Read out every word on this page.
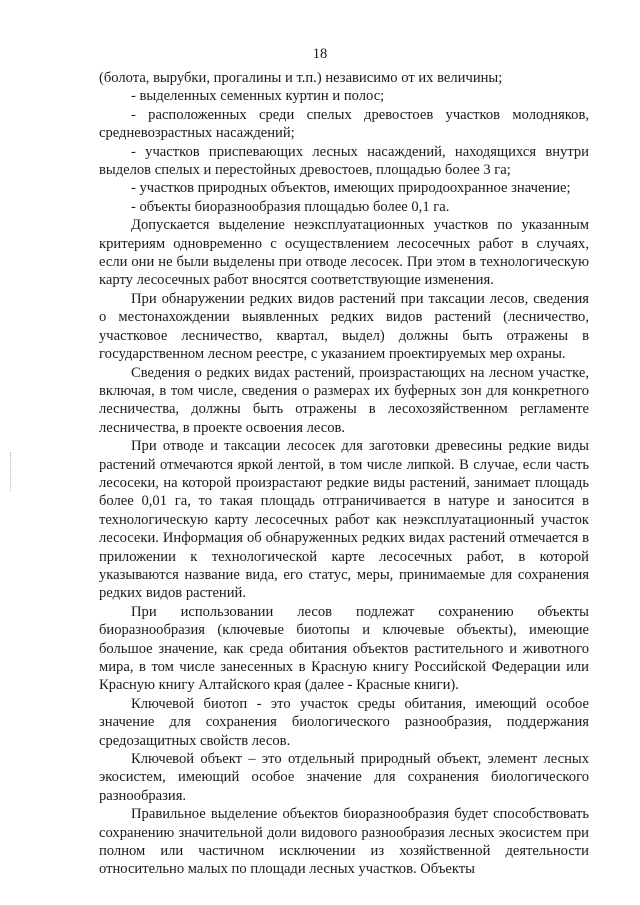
18

(болота, вырубки, прогалины и т.п.) независимо от их величины;

- выделенных семенных куртин и полос;

- расположенных среди спелых древостоев участков молодняков, средневозрастных насаждений;

- участков приспевающих лесных насаждений, находящихся внутри выделов спелых и перестойных древостоев, площадью более 3 га;

- участков природных объектов, имеющих природоохранное значение;

- объекты биоразнообразия площадью более 0,1 га.

Допускается выделение неэксплуатационных участков по указанным критериям одновременно с осуществлением лесосечных работ в случаях, если они не были выделены при отводе лесосек. При этом в технологическую карту лесосечных работ вносятся соответствующие изменения.

При обнаружении редких видов растений при таксации лесов, сведения о местонахождении выявленных редких видов растений (лесничество, участковое лесничество, квартал, выдел) должны быть отражены в государственном лесном реестре, с указанием проектируемых мер охраны.

Сведения о редких видах растений, произрастающих на лесном участке, включая, в том числе, сведения о размерах их буферных зон для конкретного лесничества, должны быть отражены в лесохозяйственном регламенте лесничества, в проекте освоения лесов.

При отводе и таксации лесосек для заготовки древесины редкие виды растений отмечаются яркой лентой, в том числе липкой. В случае, если часть лесосеки, на которой произрастают редкие виды растений, занимает площадь более 0,01 га, то такая площадь отграничивается в натуре и заносится в технологическую карту лесосечных работ как неэксплуатационный участок лесосеки. Информация об обнаруженных редких видах растений отмечается в приложении к технологической карте лесосечных работ, в которой указываются название вида, его статус, меры, принимаемые для сохранения редких видов растений.

При использовании лесов подлежат сохранению объекты биоразнообразия (ключевые биотопы и ключевые объекты), имеющие большое значение, как среда обитания объектов растительного и животного мира, в том числе занесенных в Красную книгу Российской Федерации или Красную книгу Алтайского края (далее - Красные книги).

Ключевой биотоп - это участок среды обитания, имеющий особое значение для сохранения биологического разнообразия, поддержания средозащитных свойств лесов.

Ключевой объект – это отдельный природный объект, элемент лесных экосистем, имеющий особое значение для сохранения биологического разнообразия.

Правильное выделение объектов биоразнообразия будет способствовать сохранению значительной доли видового разнообразия лесных экосистем при полном или частичном исключении из хозяйственной деятельности относительно малых по площади лесных участков. Объекты
